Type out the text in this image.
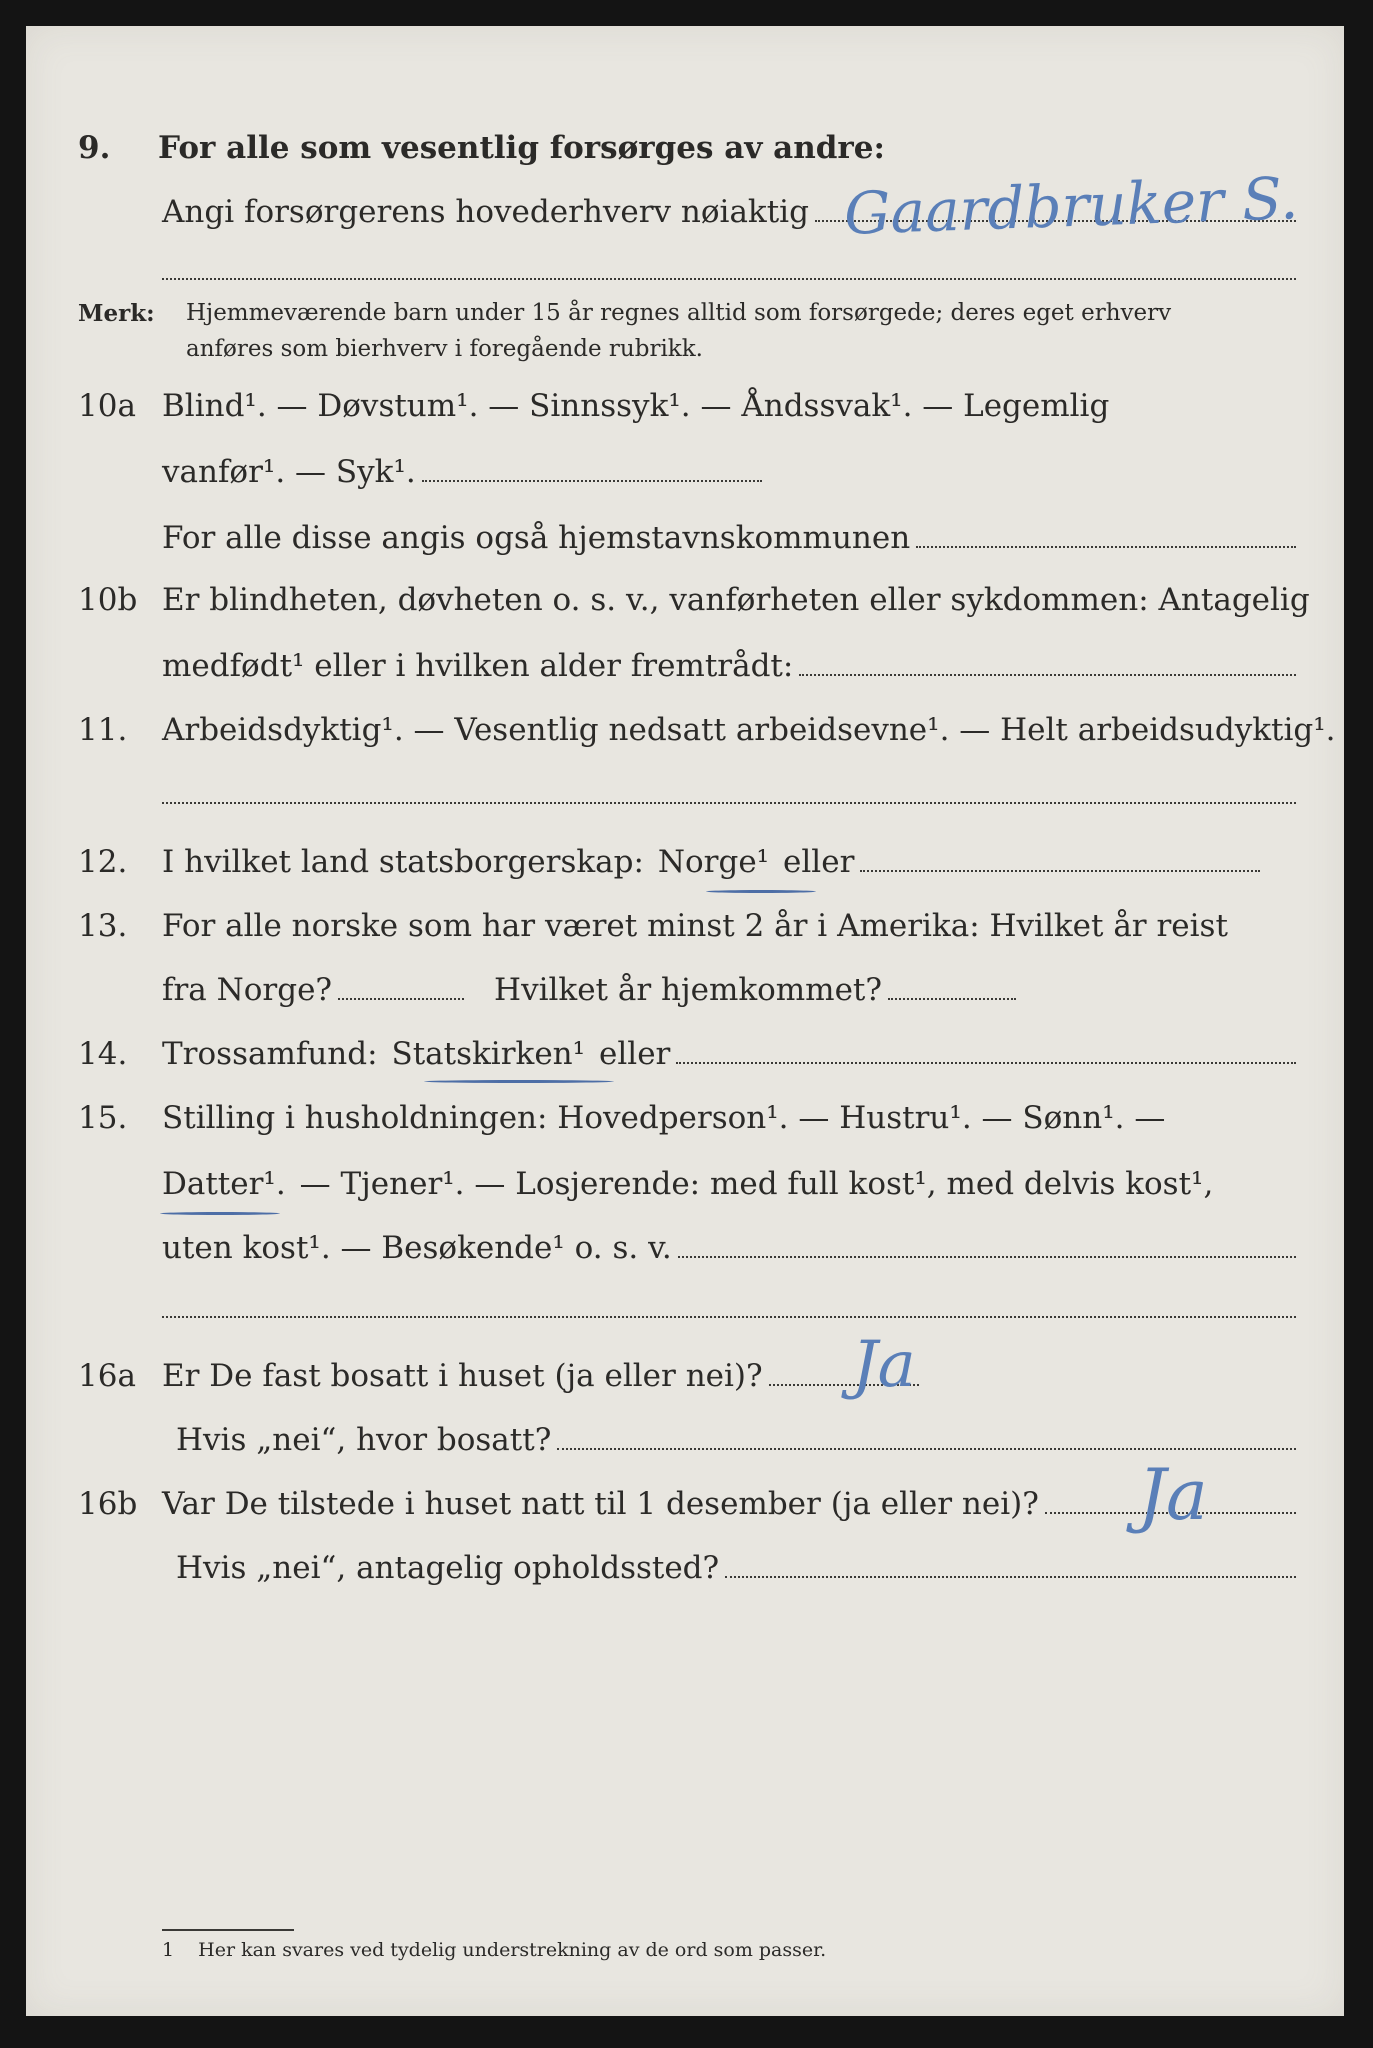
9. For alle som vesentlig forsørges av andre:
Angi forsørgerens hovederhverv nøiaktig Gaardbruker S.
Merk: Hjemmeværende barn under 15 år regnes alltid som forsørgede; deres eget erhverv
anføres som bierhverv i foregående rubrikk.
10a Blind¹. — Døvstum¹. — Sinnssyk¹. — Åndssvak¹. — Legemlig
vanfør¹. — Syk¹.
For alle disse angis også hjemstavnskommunen
10b Er blindheten, døvheten o. s. v., vanførheten eller sykdommen: Antagelig
medfødt¹ eller i hvilken alder fremtrådt:
11. Arbeidsdyktig¹. — Vesentlig nedsatt arbeidsevne¹. — Helt arbeidsudyktig¹.
12. I hvilket land statsborgerskap: Norge¹ eller
13. For alle norske som har været minst 2 år i Amerika: Hvilket år reist
fra Norge?	Hvilket år hjemkommet?
14. Trossamfund: Statskirken¹ eller
15. Stilling i husholdningen: Hovedperson¹. — Hustru¹. — Sønn¹. —
Datter¹. — Tjener¹. — Losjerende: med full kost¹, med delvis kost¹,
uten kost¹. — Besøkende¹ o. s. v.
16a Er De fast bosatt i huset (ja eller nei)? Ja
Hvis „nei“, hvor bosatt?
16b Var De tilstede i huset natt til 1 desember (ja eller nei)? Ja
Hvis „nei“, antagelig opholdssted?
1 Her kan svares ved tydelig understrekning av de ord som passer.
